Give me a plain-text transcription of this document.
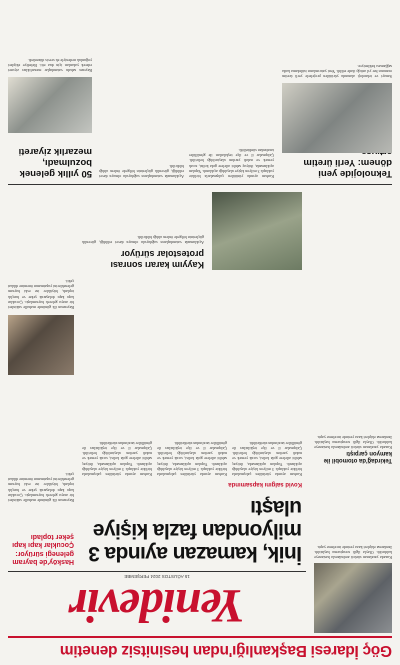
Göç İdaresi Başkanlığı'ndan hesinitsiz denetim
Kazada yaralanan sürücü ambulansla hastaneye kaldırıldı. Olayla ilgili soruşturma başlatıldı. Jandarma ekipleri kaza yerinde inceleme yaptı.
Tekirdağ'da otomobil ile kamyon çarpıştı
Yenidevir
15 AĞUSTOS 2024 PERŞEMBE
İnik, kamazan ayında 3 milyondan fazla kişiye ulaştı
Hasköy'de bayram gelenegi sürüyor: Çocuklar kapı kapı şeker topladı
Bayramın ilk gününde mahalle sakinleri bir araya gelerek bayramlaştı. Çocuklar kapı kapı dolaşarak şeker ve harçlık topladı, büyükler ise eski bayram geleneklerini yaşatmanın önemine dikkat çekti.
Kovid salgını kapsamında
Kurban ayında yürütülen çalışmalarla birlikte yaklaşık 3 milyon kişiye ulaşıldığı açıklandı. Yapılan açıklamada, ihtiyaç sahibi ailelere gıda kolisi, sıcak yemek ve nakdi yardım ulaştırıldığı belirtildi. Çalışmalar il ve ilçe teşkilatları ile gönüllüler tarafından sürdürüldü.
Kurban ayında yürütülen çalışmalarla birlikte yaklaşık 3 milyon kişiye ulaşıldığı açıklandı. Yapılan açıklamada, ihtiyaç sahibi ailelere gıda kolisi, sıcak yemek ve nakdi yardım ulaştırıldığı belirtildi. Çalışmalar il ve ilçe teşkilatları ile gönüllüler tarafından sürdürüldü.
Kurban ayında yürütülen çalışmalarla birlikte yaklaşık 3 milyon kişiye ulaşıldığı açıklandı. Yapılan açıklamada, ihtiyaç sahibi ailelere gıda kolisi, sıcak yemek ve nakdi yardım ulaştırıldığı belirtildi. Çalışmalar il ve ilçe teşkilatları ile gönüllüler tarafından sürdürüldü.
Kazada yaralanan sürücü ambulansla hastaneye kaldırıldı. Olayla ilgili soruşturma başlatıldı. Jandarma ekipleri kaza yerinde inceleme yaptı.
Kayyım kararı sonrası protestolar sürüyor
Açıklamada vatandaşların sağduyulu olmaya davet edildiği, güvenlik güçlerinin bölgede önlem aldığı bildirildi.
Bayramın ilk gününde mahalle sakinleri bir araya gelerek bayramlaştı. Çocuklar kapı kapı dolaşarak şeker ve harçlık topladı, büyükler ise eski bayram geleneklerini yaşatmanın önemine dikkat çekti.
Teknolojide yeni dönem: Yerli üretim
Sanayi ve teknoloji alanında yürütülen projelerle yerli üretim oranının her yıl arttığı ifade edildi. Yeni yatırımların istihdama katkı sağlaması bekleniyor.
Kurban ayında yürütülen çalışmalarla birlikte yaklaşık 3 milyon kişiye ulaşıldığı açıklandı. Yapılan açıklamada, ihtiyaç sahibi ailelere gıda kolisi, sıcak yemek ve nakdi yardım ulaştırıldığı belirtildi. Çalışmalar il ve ilçe teşkilatları ile gönüllüler tarafından sürdürüldü.
Açıklamada vatandaşların sağduyulu olmaya davet edildiği, güvenlik güçlerinin bölgede önlem aldığı bildirildi.
50 yıllık gelenek bozulmadı, mezarlık ziyareti
Bayram sabahı vatandaşlar mezarlıkları ziyaret ederek yakınları için dua etti. Belediye ekipleri yoğunluk nedeniyle ek servis düzenledi.
